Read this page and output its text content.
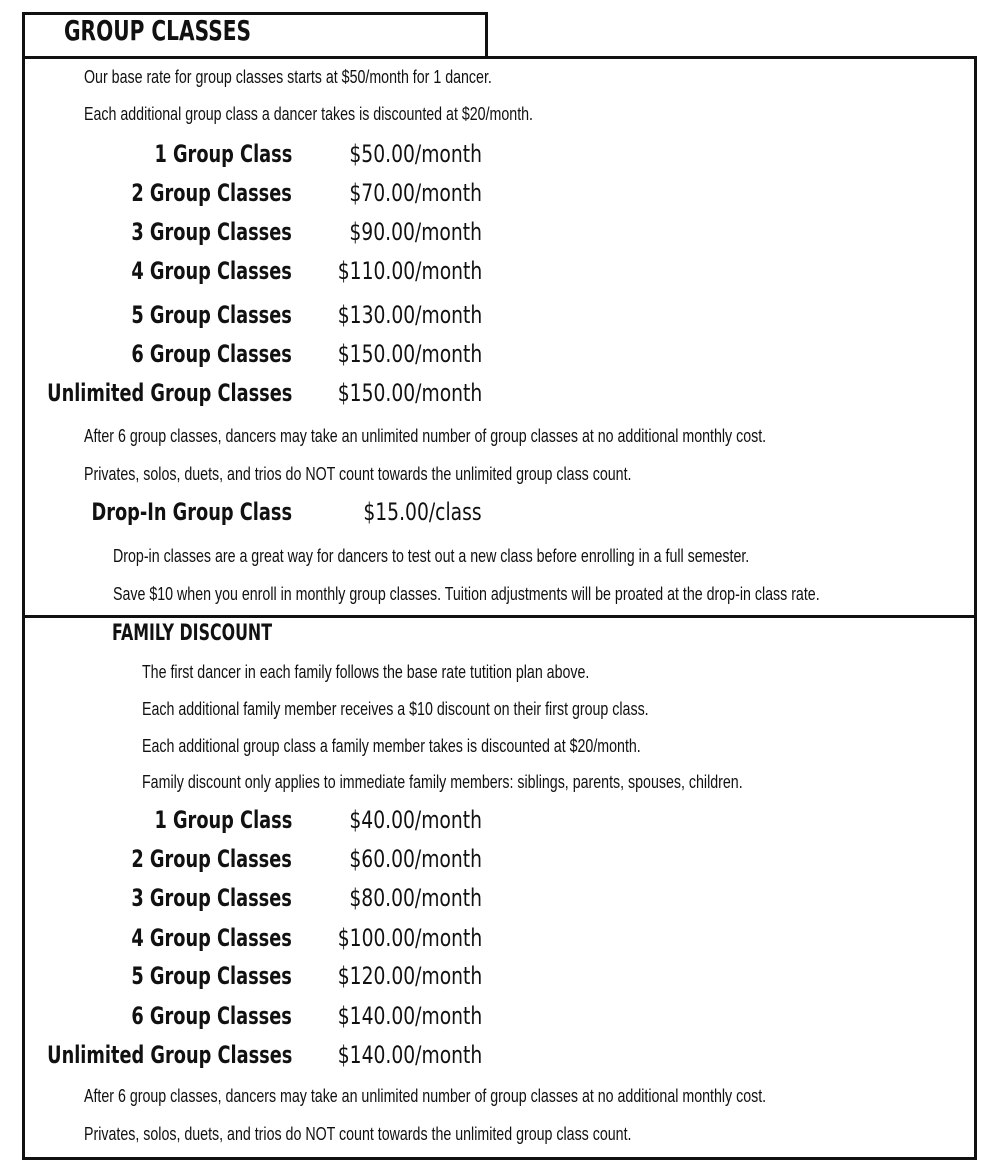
GROUP CLASSES
Our base rate for group classes starts at $50/month for 1 dancer.
Each additional group class a dancer takes is discounted at $20/month.
1 Group Class $50.00/month
2 Group Classes $70.00/month
3 Group Classes $90.00/month
4 Group Classes $110.00/month
5 Group Classes $130.00/month
6 Group Classes $150.00/month
Unlimited Group Classes $150.00/month
After 6 group classes, dancers may take an unlimited number of group classes at no additional monthly cost.
Privates, solos, duets, and trios do NOT count towards the unlimited group class count.
Drop-In Group Class	$15.00/class
Drop-in classes are a great way for dancers to test out a new class before enrolling in a full semester.
Save $10 when you enroll in monthly group classes. Tuition adjustments will be proated at the drop-in class rate.
FAMILY DISCOUNT
The first dancer in each family follows the base rate tutition plan above.
Each additional family member receives a $10 discount on their first group class.
Each additional group class a family member takes is discounted at $20/month.
Family discount only applies to immediate family members: siblings, parents, spouses, children.
1 Group Class $40.00/month
2 Group Classes $60.00/month
3 Group Classes $80.00/month
4 Group Classes $100.00/month
5 Group Classes $120.00/month
6 Group Classes $140.00/month
Unlimited Group Classes $140.00/month
After 6 group classes, dancers may take an unlimited number of group classes at no additional monthly cost.
Privates, solos, duets, and trios do NOT count towards the unlimited group class count.
